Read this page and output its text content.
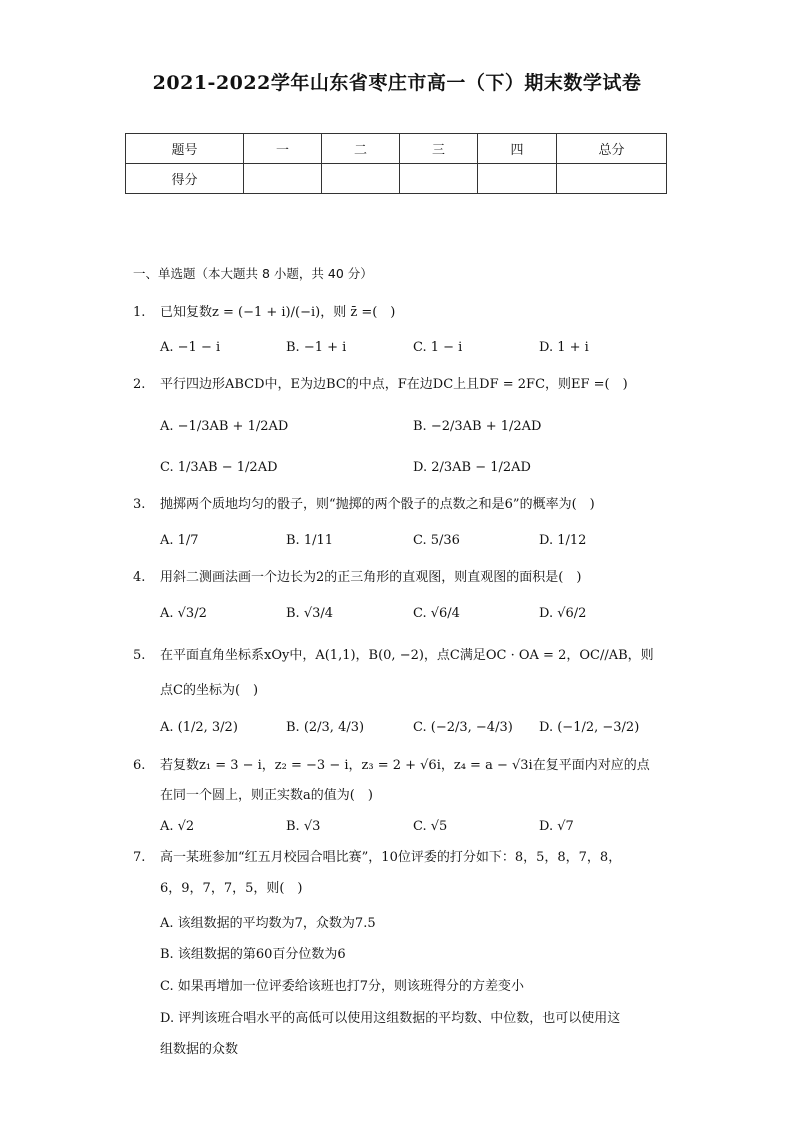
2021-2022学年山东省枣庄市高一（下）期末数学试卷
题号	一	二	三	四	总分
得分					
一、单选题（本大题共 8 小题，共 40 分）
1. 已知复数z = (−1 + i)/(−i)，则 z̄ =(　)
A. −1 − i	B. −1 + i	C. 1 − i	D. 1 + i
2. 平行四边形ABCD中，E为边BC的中点，F在边DC上且DF = 2FC，则EF =(　)
A. −1/3AB + 1/2AD	B. −2/3AB + 1/2AD
C. 1/3AB − 1/2AD	D. 2/3AB − 1/2AD
3. 抛掷两个质地均匀的骰子，则“抛掷的两个骰子的点数之和是6”的概率为(　)
A. 1/7	B. 1/11	C. 5/36	D. 1/12
4. 用斜二测画法画一个边长为2的正三角形的直观图，则直观图的面积是(　)
A. √3/2	B. √3/4	C. √6/4	D. √6/2
5. 在平面直角坐标系xOy中，A(1,1)，B(0, −2)，点C满足OC · OA = 2，OC//AB，则
点C的坐标为(　)
A. (1/2, 3/2)	B. (2/3, 4/3)	C. (−2/3, −4/3) D. (−1/2, −3/2)
6. 若复数z₁ = 3 − i，z₂ = −3 − i，z₃ = 2 + √6i，z₄ = a − √3i在复平面内对应的点
在同一个圆上，则正实数a的值为(　)
A. √2	B. √3	C. √5	D. √7
7. 高一某班参加“红五月校园合唱比赛”，10位评委的打分如下：8，5，8，7，8，
6，9，7，7，5，则(　)
A. 该组数据的平均数为7，众数为7.5
B. 该组数据的第60百分位数为6
C. 如果再增加一位评委给该班也打7分，则该班得分的方差变小
D. 评判该班合唱水平的高低可以使用这组数据的平均数、中位数，也可以使用这
组数据的众数
